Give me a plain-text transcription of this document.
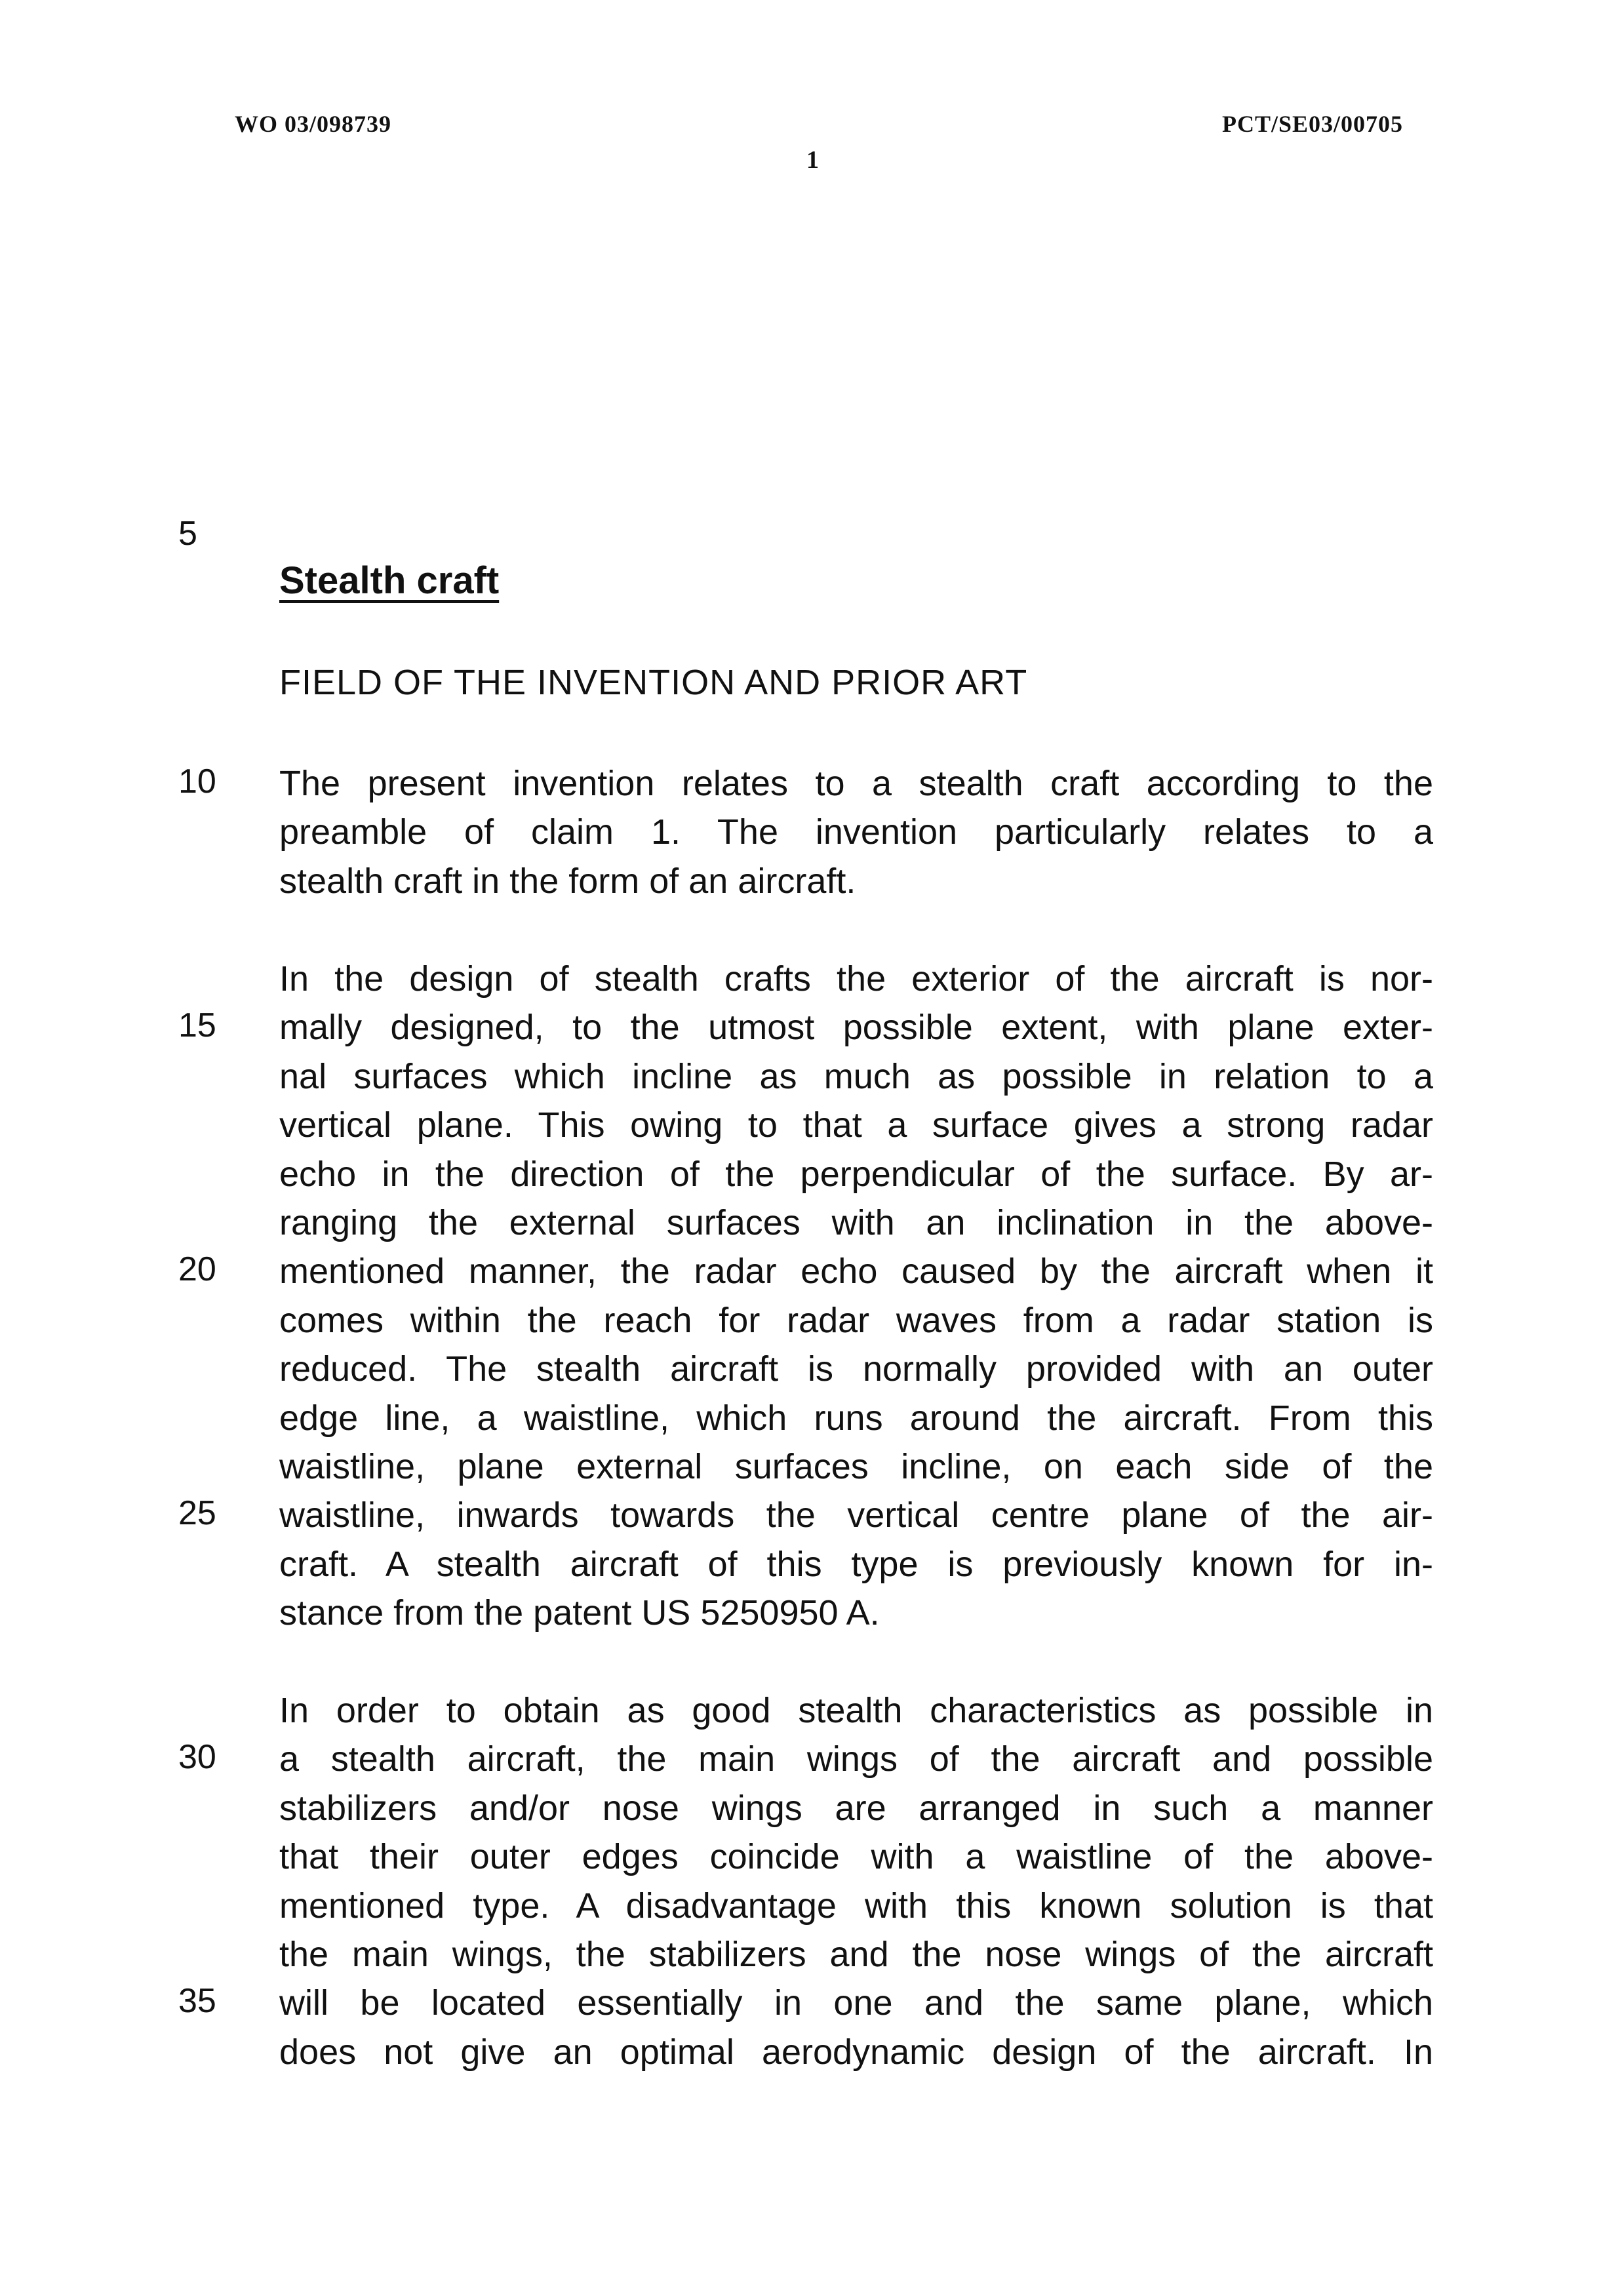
WO 03/098739	PCT/SE03/00705
1
5
10
15
20
25
30
35
Stealth craft
FIELD OF THE INVENTION AND PRIOR ART
The present invention relates to a stealth craft according to the
preamble of claim 1. The invention particularly relates to a
stealth craft in the form of an aircraft.
In the design of stealth crafts the exterior of the aircraft is nor-
mally designed, to the utmost possible extent, with plane exter-
nal surfaces which incline as much as possible in relation to a
vertical plane. This owing to that a surface gives a strong radar
echo in the direction of the perpendicular of the surface. By ar-
ranging the external surfaces with an inclination in the above-
mentioned manner, the radar echo caused by the aircraft when it
comes within the reach for radar waves from a radar station is
reduced. The stealth aircraft is normally provided with an outer
edge line, a waistline, which runs around the aircraft. From this
waistline, plane external surfaces incline, on each side of the
waistline, inwards towards the vertical centre plane of the air-
craft. A stealth aircraft of this type is previously known for in-
stance from the patent US 5250950 A.
In order to obtain as good stealth characteristics as possible in
a stealth aircraft, the main wings of the aircraft and possible
stabilizers and/or nose wings are arranged in such a manner
that their outer edges coincide with a waistline of the above-
mentioned type. A disadvantage with this known solution is that
the main wings, the stabilizers and the nose wings of the aircraft
will be located essentially in one and the same plane, which
does not give an optimal aerodynamic design of the aircraft. In
